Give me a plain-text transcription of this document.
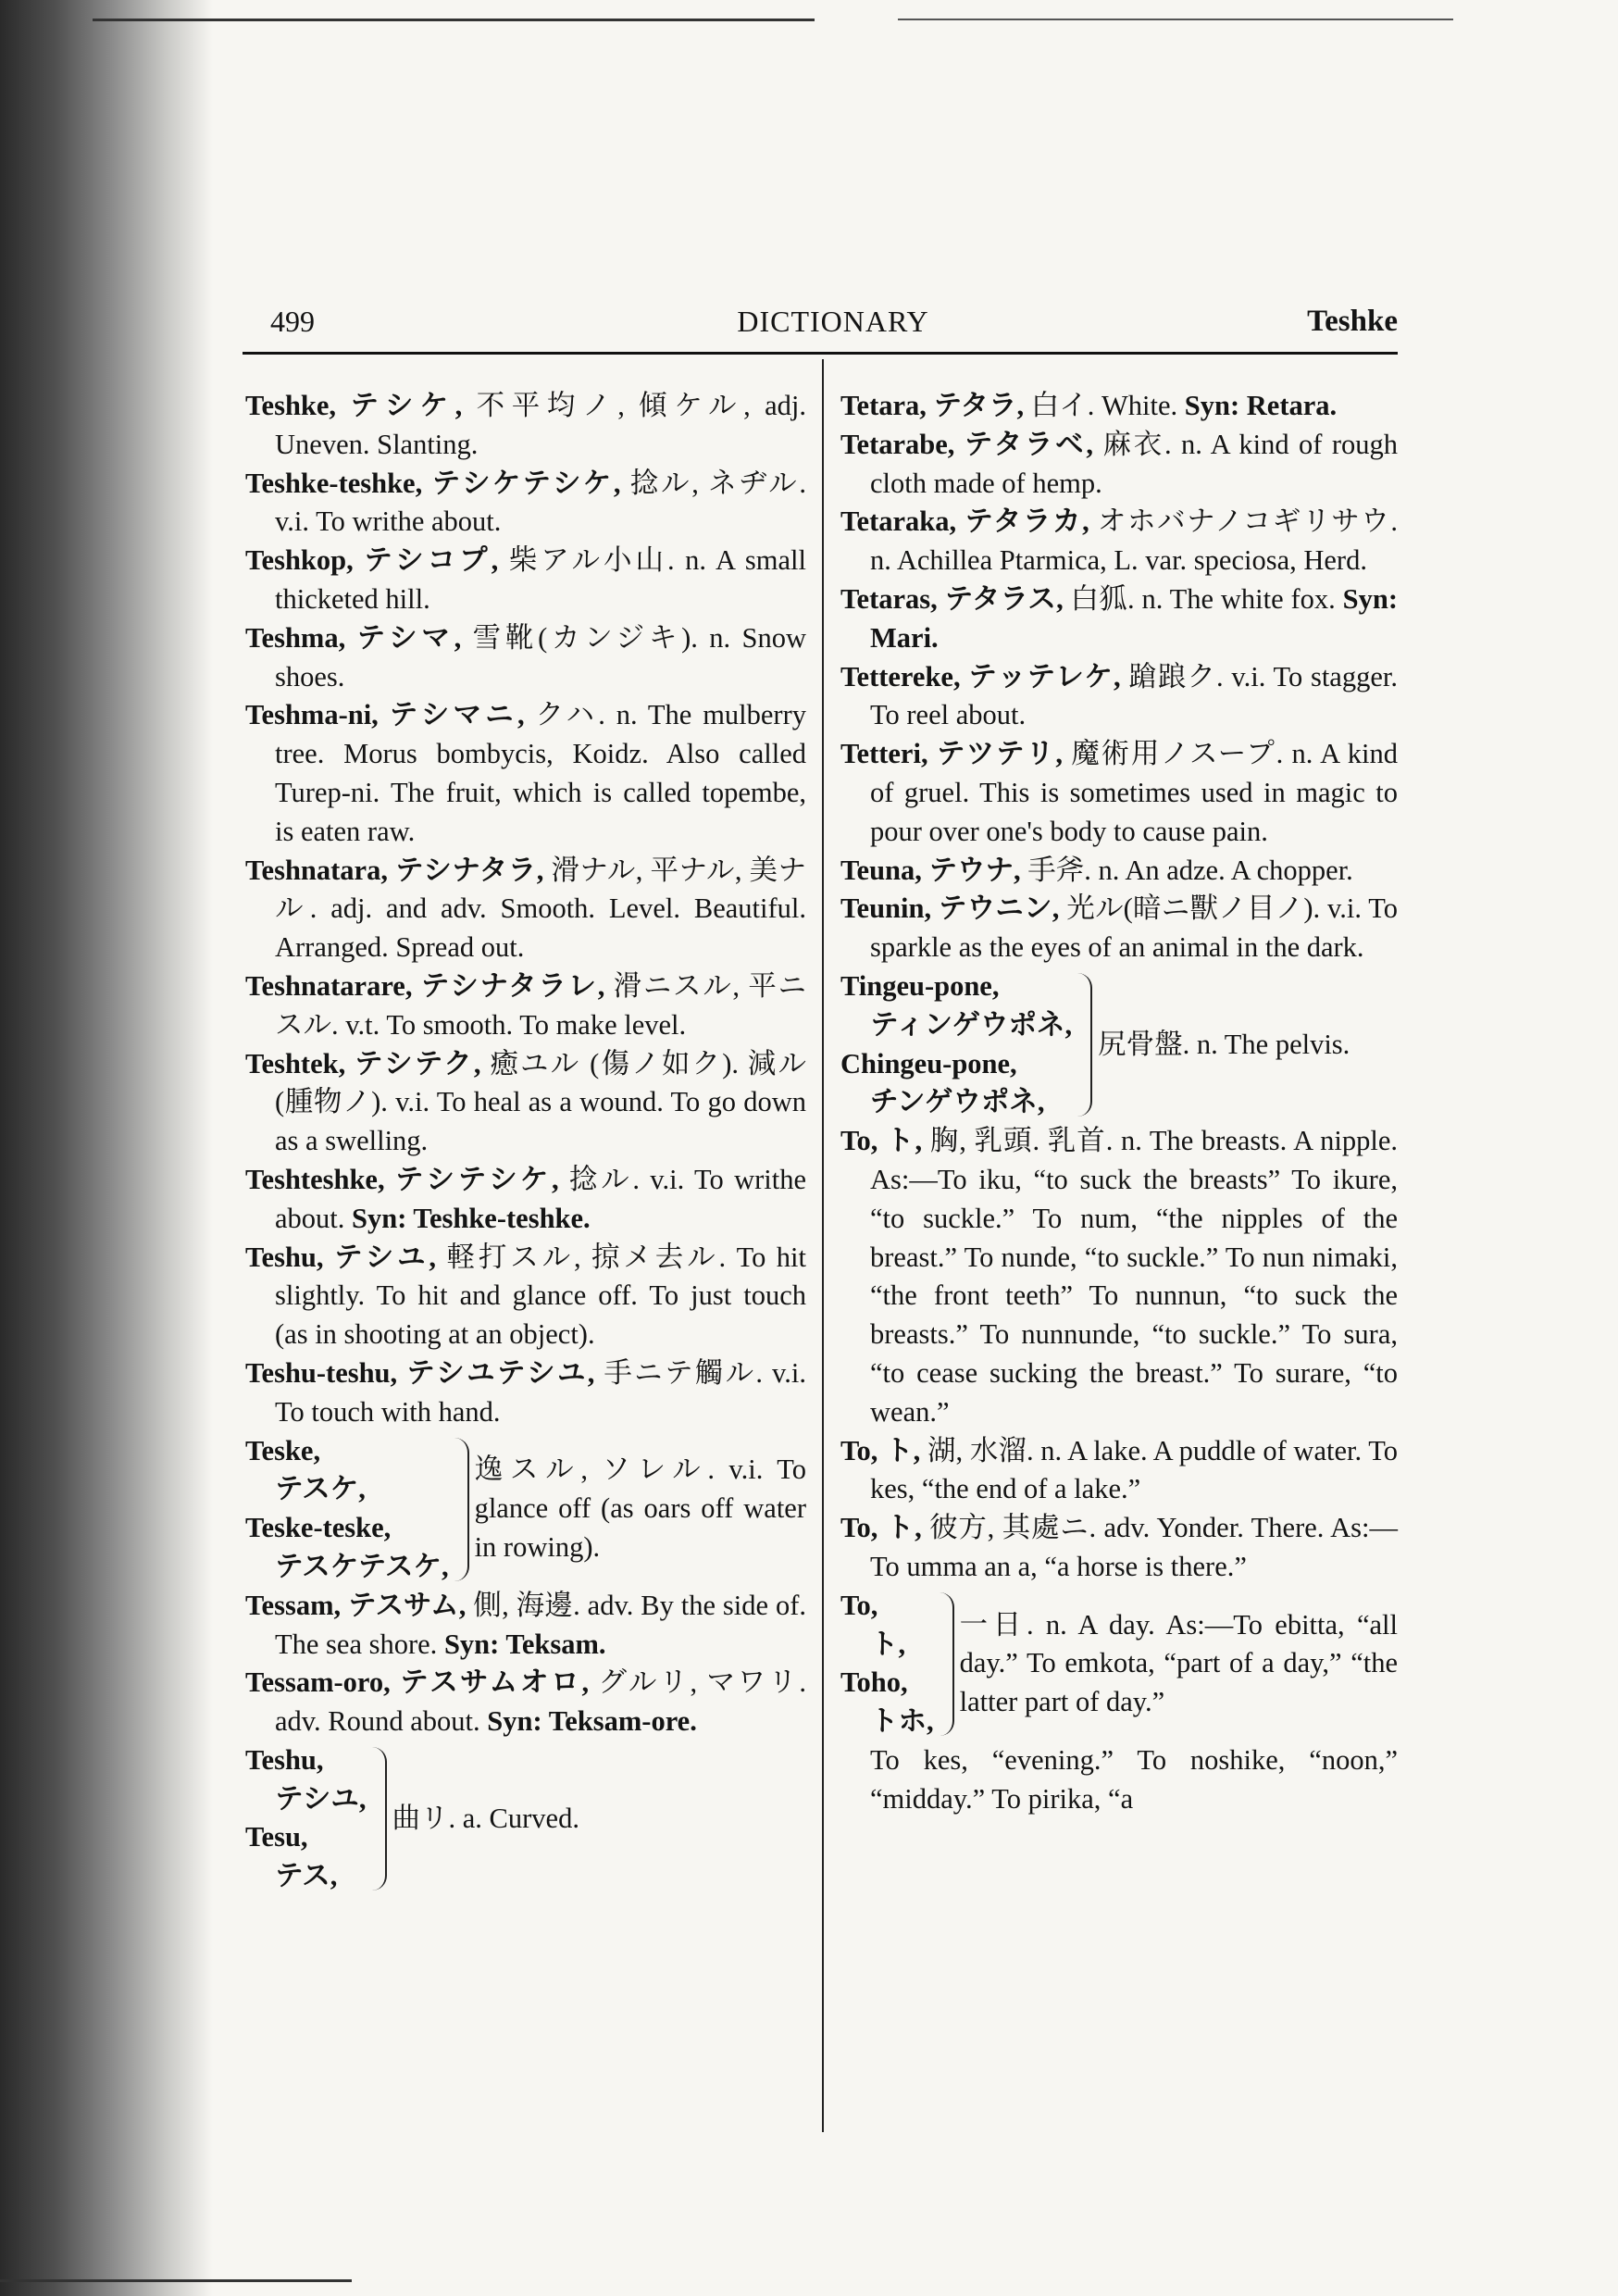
499	DICTIONARY	Teshke
Teshke, テシケ, 不平均ノ, 傾ケル, adj. Uneven. Slanting.
Teshke-teshke, テシケテシケ, 捻ル, ネヂル. v.i. To writhe about.
Teshkop, テシコプ, 柴アル小山. n. A small thicketed hill.
Teshma, テシマ, 雪靴(カンジキ). n. Snow shoes.
Teshma-ni, テシマニ, クハ. n. The mulberry tree. Morus bombycis, Koidz. Also called Turep-ni. The fruit, which is called topembe, is eaten raw.
Teshnatara, テシナタラ, 滑ナル, 平ナル, 美ナル. adj. and adv. Smooth. Level. Beautiful. Arranged. Spread out.
Teshnatarare, テシナタラレ, 滑ニスル, 平ニスル. v.t. To smooth. To make level.
Teshtek, テシテク, 癒ユル (傷ノ如ク). 減ル(腫物ノ). v.i. To heal as a wound. To go down as a swelling.
Teshteshke, テシテシケ, 捻ル. v.i. To writhe about. Syn: Teshke-teshke.
Teshu, テシユ, 軽打スル, 掠メ去ル. To hit slightly. To hit and glance off. To just touch (as in shooting at an object).
Teshu-teshu, テシユテシユ, 手ニテ觸ル. v.i. To touch with hand.
Teske,
テスケ,
Teske-teske,
テスケテスケ,
逸スル, ソレル. v.i. To glance off (as oars off water in rowing).
Tessam, テスサム, 側, 海邊. adv. By the side of. The sea shore. Syn: Teksam.
Tessam-oro, テスサムオロ, グルリ, マワリ. adv. Round about. Syn: Teksam-ore.
Teshu,
テシユ,
Tesu,
テス,
曲リ. a. Curved.
Tetara, テタラ, 白イ. White. Syn: Retara.
Tetarabe, テタラベ, 麻衣. n. A kind of rough cloth made of hemp.
Tetaraka, テタラカ, オホバナノコギリサウ. n. Achillea Ptarmica, L. var. speciosa, Herd.
Tetaras, テタラス, 白狐. n. The white fox. Syn: Mari.
Tettereke, テッテレケ, 蹌踉ク. v.i. To stagger. To reel about.
Tetteri, テツテリ, 魔術用ノスープ. n. A kind of gruel. This is sometimes used in magic to pour over one's body to cause pain.
Teuna, テウナ, 手斧. n. An adze. A chopper.
Teunin, テウニン, 光ル(暗ニ獸ノ目ノ). v.i. To sparkle as the eyes of an animal in the dark.
Tingeu-pone,
ティンゲウポネ,
Chingeu-pone,
チンゲウポネ,
尻骨盤. n. The pelvis.
To, ト, 胸, 乳頭. 乳首. n. The breasts. A nipple. As:—To iku, “to suck the breasts” To ikure, “to suckle.” To num, “the nipples of the breast.” To nunde, “to suckle.” To nun nimaki, “the front teeth” To nunnun, “to suck the breasts.” To nunnunde, “to suckle.” To sura, “to cease sucking the breast.” To surare, “to wean.”
To, ト, 湖, 水溜. n. A lake. A puddle of water. To kes, “the end of a lake.”
To, ト, 彼方, 其處ニ. adv. Yonder. There. As:—To umma an a, “a horse is there.”
To,
ト,
Toho,
トホ,
一日. n. A day. As:—To ebitta, “all day.” To emkota, “part of a day,” “the latter part of day.”
To kes, “evening.” To noshike, “noon,” “midday.” To pirika, “a
